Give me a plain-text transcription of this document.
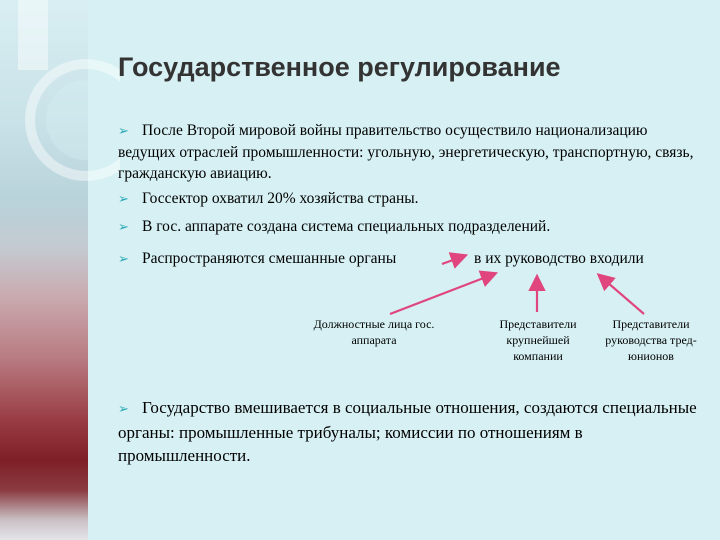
Государственное регулирование
➢ После Второй мировой войны правительство осуществило национализацию ведущих отраслей промышленности: угольную, энергетическую, транспортную, связь, гражданскую авиацию.
➢ Госсектор охватил 20% хозяйства страны.
➢ В гос. аппарате создана система специальных подразделений.
➢ Распространяются смешанные органы	в их руководство входили
Должностные лица гос. аппарата
Представители крупнейшей компании
Представители руководства тред-юнионов
➢ Государство вмешивается в социальные отношения, создаются специальные органы: промышленные трибуналы; комиссии по отношениям в промышленности.
